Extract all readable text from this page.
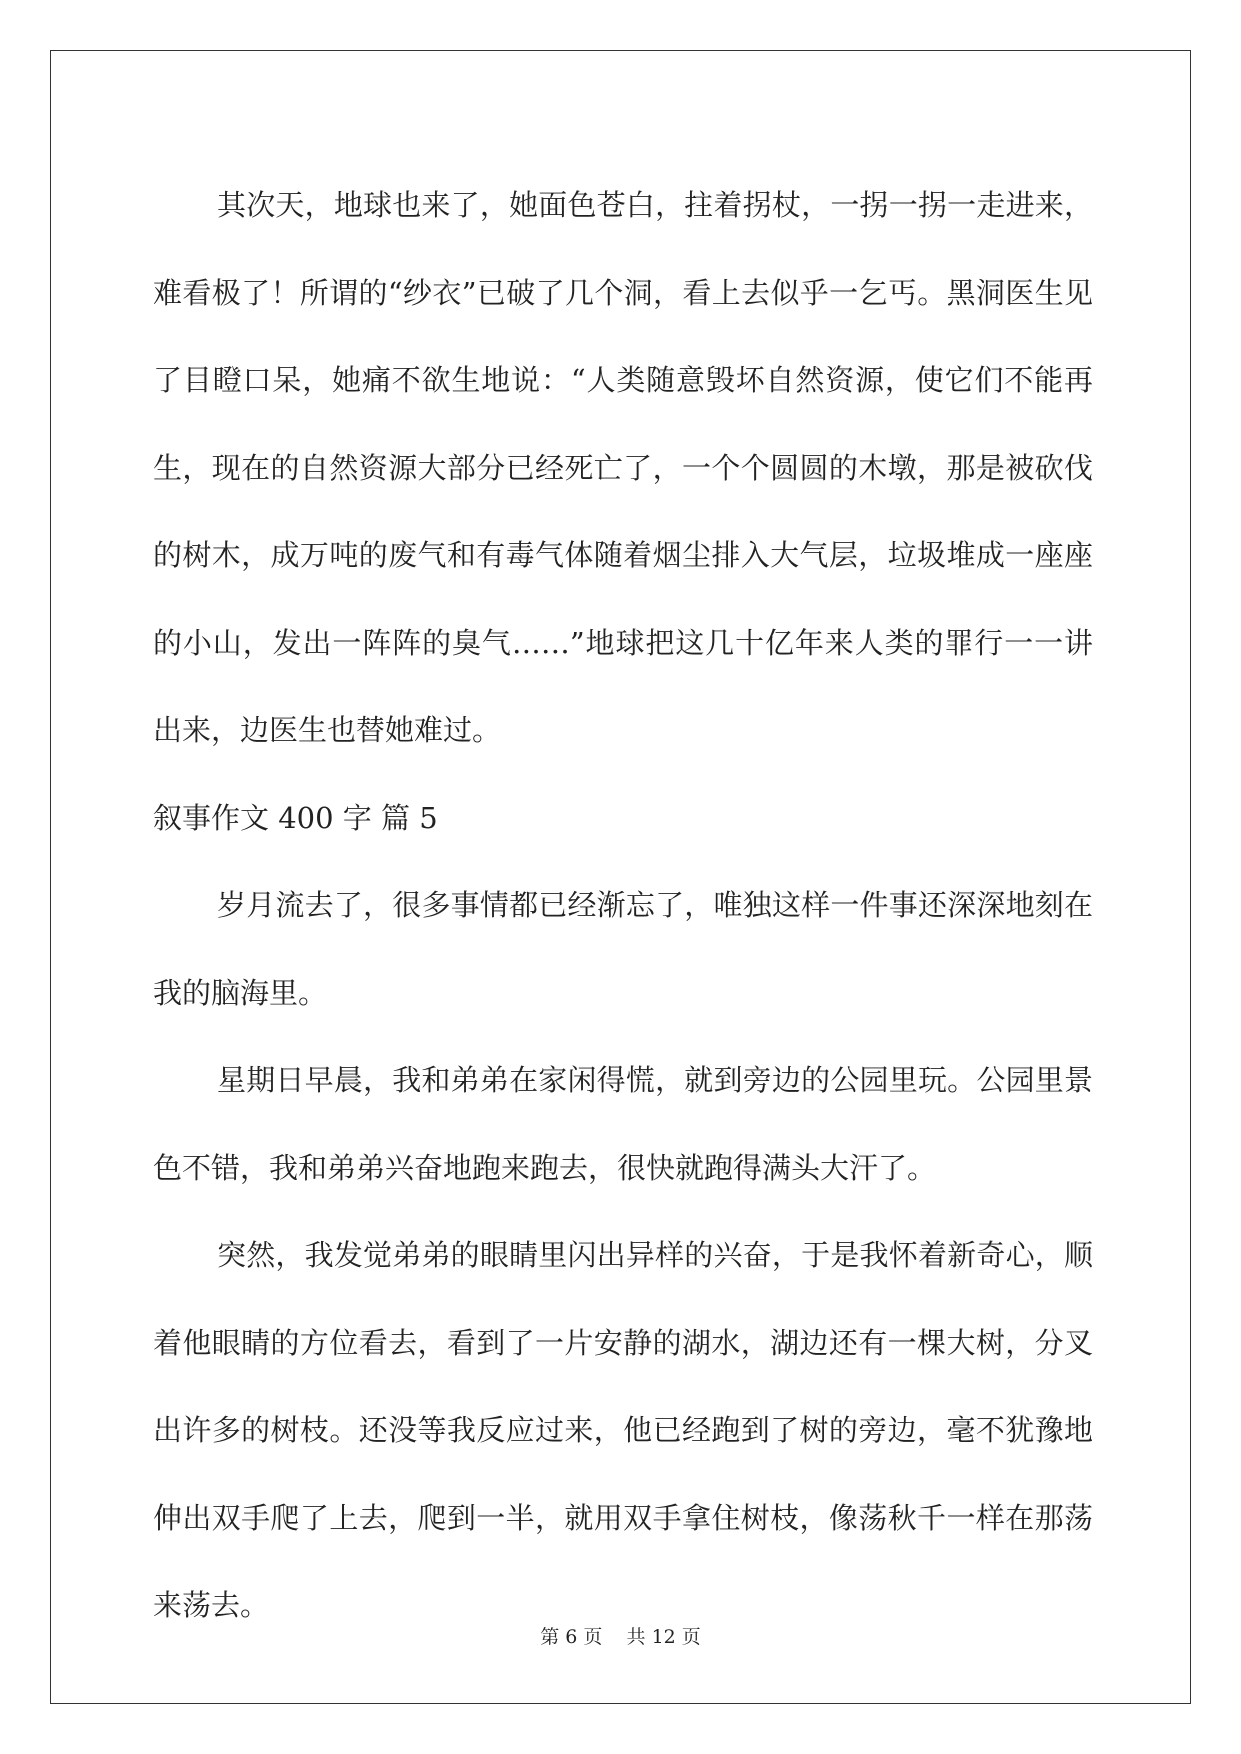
其次天，地球也来了，她面色苍白，拄着拐杖，一拐一拐一走进来，难看极了！所谓的“纱衣”已破了几个洞，看上去似乎一乞丐。黑洞医生见了目瞪口呆，她痛不欲生地说：“人类随意毁坏自然资源，使它们不能再生，现在的自然资源大部分已经死亡了，一个个圆圆的木墩，那是被砍伐的树木，成万吨的废气和有毒气体随着烟尘排入大气层，垃圾堆成一座座的小山，发出一阵阵的臭气……”地球把这几十亿年来人类的罪行一一讲出来，边医生也替她难过。

叙事作文 400 字 篇 5

岁月流去了，很多事情都已经渐忘了，唯独这样一件事还深深地刻在我的脑海里。

星期日早晨，我和弟弟在家闲得慌，就到旁边的公园里玩。公园里景色不错，我和弟弟兴奋地跑来跑去，很快就跑得满头大汗了。

突然，我发觉弟弟的眼睛里闪出异样的兴奋，于是我怀着新奇心，顺着他眼睛的方位看去，看到了一片安静的湖水，湖边还有一棵大树，分叉出许多的树枝。还没等我反应过来，他已经跑到了树的旁边，毫不犹豫地伸出双手爬了上去，爬到一半，就用双手拿住树枝，像荡秋千一样在那荡来荡去。

第 6 页 共 12 页
